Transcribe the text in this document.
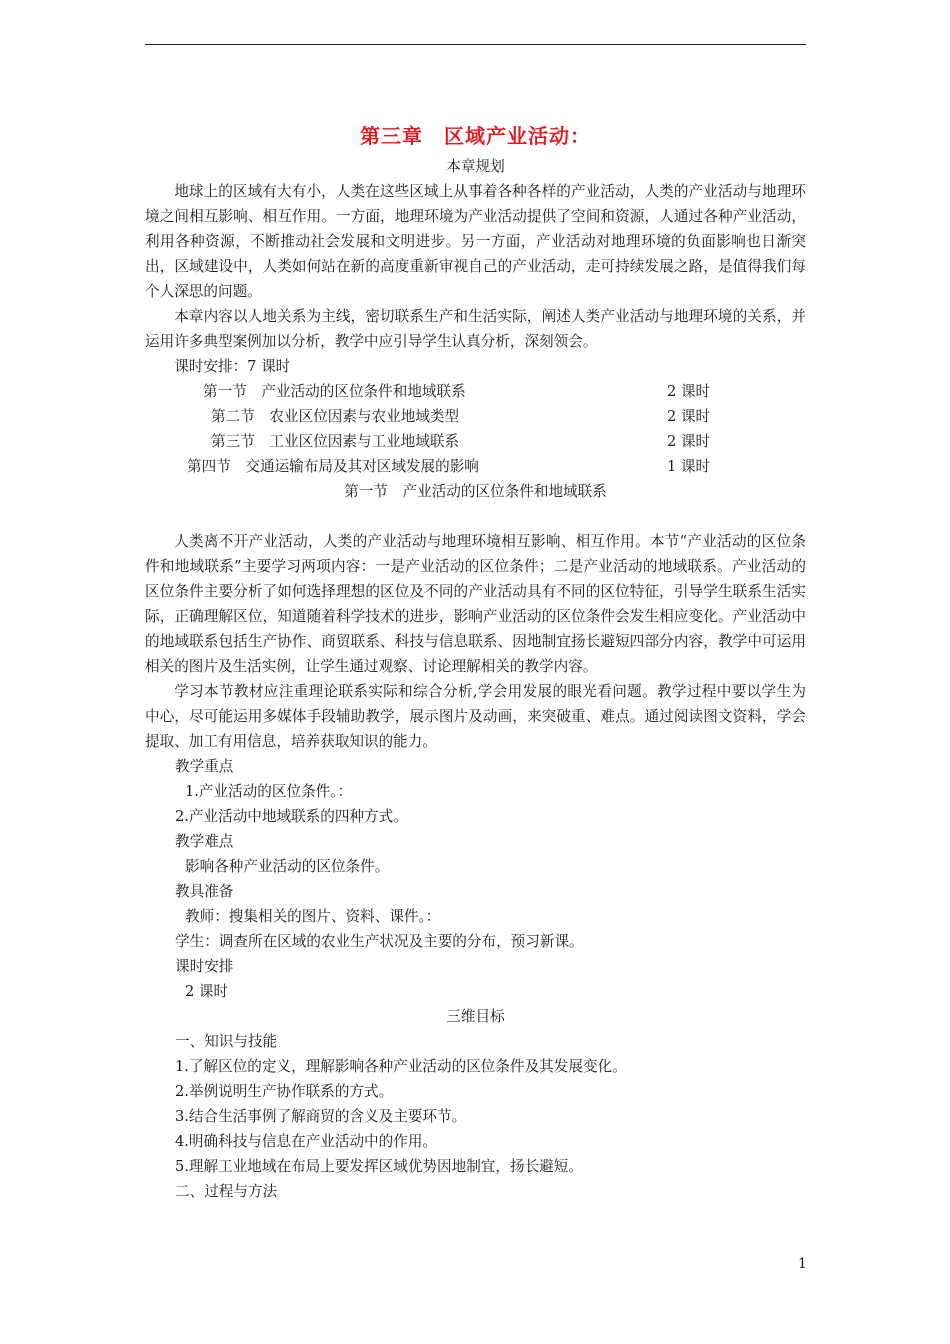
第三章　区域产业活动：
本章规划

地球上的区域有大有小，人类在这些区域上从事着各种各样的产业活动，人类的产业活动与地理环境之间相互影响、相互作用。一方面，地理环境为产业活动提供了空间和资源，人通过各种产业活动，利用各种资源，不断推动社会发展和文明进步。另一方面，产业活动对地理环境的负面影响也日渐突出，区域建设中，人类如何站在新的高度重新审视自己的产业活动，走可持续发展之路，是值得我们每个人深思的问题。

本章内容以人地关系为主线，密切联系生产和生活实际，阐述人类产业活动与地理环境的关系，并运用许多典型案例加以分析，教学中应引导学生认真分析，深刻领会。

课时安排：7 课时

第一节　产业活动的区位条件和地域联系	2 课时
第二节　农业区位因素与农业地域类型	2 课时
第三节　工业区位因素与工业地域联系	2 课时
第四节　交通运输布局及其对区域发展的影响	1 课时
第一节　产业活动的区位条件和地域联系

人类离不开产业活动，人类的产业活动与地理环境相互影响、相互作用。本节“产业活动的区位条件和地域联系”主要学习两项内容：一是产业活动的区位条件；二是产业活动的地域联系。产业活动的区位条件主要分析了如何选择理想的区位及不同的产业活动具有不同的区位特征，引导学生联系生活实际，正确理解区位，知道随着科学技术的进步，影响产业活动的区位条件会发生相应变化。产业活动中的地域联系包括生产协作、商贸联系、科技与信息联系、因地制宜扬长避短四部分内容，教学中可运用相关的图片及生活实例，让学生通过观察、讨论理解相关的教学内容。

学习本节教材应注重理论联系实际和综合分析,学会用发展的眼光看问题。教学过程中要以学生为中心，尽可能运用多媒体手段辅助教学，展示图片及动画，来突破重、难点。通过阅读图文资料，学会提取、加工有用信息，培养获取知识的能力。

教学重点

1.产业活动的区位条件。：

2.产业活动中地域联系的四种方式。

教学难点

影响各种产业活动的区位条件。

教具准备

教师：搜集相关的图片、资料、课件。：

学生：调查所在区域的农业生产状况及主要的分布，预习新课。

课时安排

2 课时

三维目标

一、知识与技能

1.了解区位的定义，理解影响各种产业活动的区位条件及其发展变化。

2.举例说明生产协作联系的方式。

3.结合生活事例了解商贸的含义及主要环节。

4.明确科技与信息在产业活动中的作用。

5.理解工业地域在布局上要发挥区域优势因地制宜，扬长避短。

二、过程与方法

1
